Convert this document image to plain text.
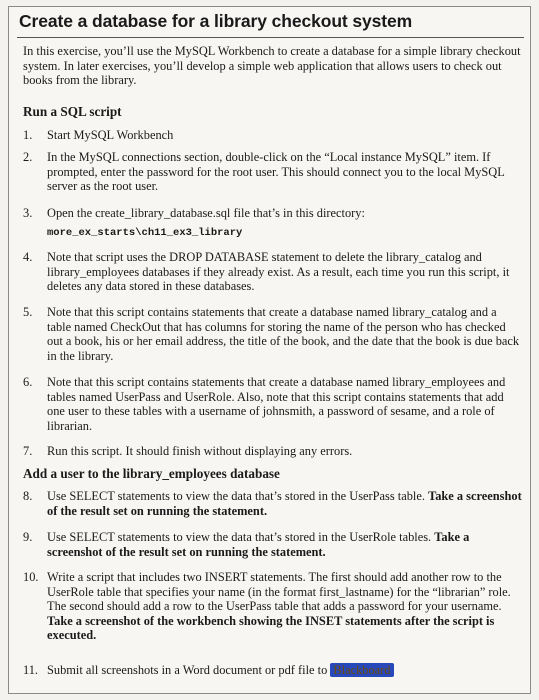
Create a database for a library checkout system
In this exercise, you’ll use the MySQL Workbench to create a database for a simple library checkout system. In later exercises, you’ll develop a simple web application that allows users to check out books from the library.
Run a SQL script
1.	Start MySQL Workbench
2.	In the MySQL connections section, double-click on the “Local instance MySQL” item. If prompted, enter the password for the root user. This should connect you to the local MySQL server as the root user.
3.	Open the create_library_database.sql file that’s in this directory:
more_ex_starts\ch11_ex3_library
4.	Note that script uses the DROP DATABASE statement to delete the library_catalog and library_employees databases if they already exist. As a result, each time you run this script, it deletes any data stored in these databases.
5.	Note that this script contains statements that create a database named library_catalog and a table named CheckOut that has columns for storing the name of the person who has checked out a book, his or her email address, the title of the book, and the date that the book is due back in the library.
6.	Note that this script contains statements that create a database named library_employees and tables named UserPass and UserRole. Also, note that this script contains statements that add one user to these tables with a username of johnsmith, a password of sesame, and a role of librarian.
7.	Run this script. It should finish without displaying any errors.
Add a user to the library_employees database
8.	Use SELECT statements to view the data that’s stored in the UserPass table. Take a screenshot of the result set on running the statement.
9.	Use SELECT statements to view the data that’s stored in the UserRole tables. Take a screenshot of the result set on running the statement.
10. Write a script that includes two INSERT statements. The first should add another row to the UserRole table that specifies your name (in the format first_lastname) for the “librarian” role. The second should add a row to the UserPass table that adds a password for your username. Take a screenshot of the workbench showing the INSET statements after the script is executed.
11. Submit all screenshots in a Word document or pdf file to Blackboard
